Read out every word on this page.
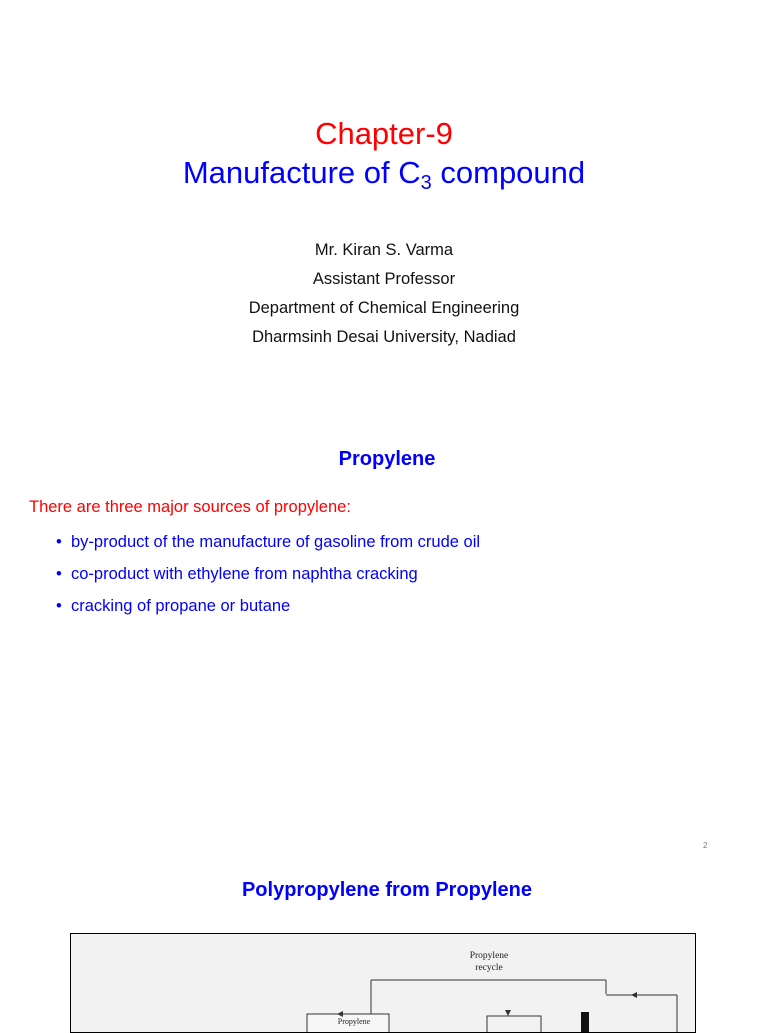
Chapter-9
Manufacture of $C_3$ compound
Mr. Kiran S. Varma
Assistant Professor
Department of Chemical Engineering
Dharmsinh Desai University, Nadiad
Propylene

There are three major sources of propylene:

• by-product of the manufacture of gasoline from crude oil
• co-product with ethylene from naphtha cracking
• cracking of propane or butane
2
Polypropylene from Propylene
Propylene
recycle
Propylene
